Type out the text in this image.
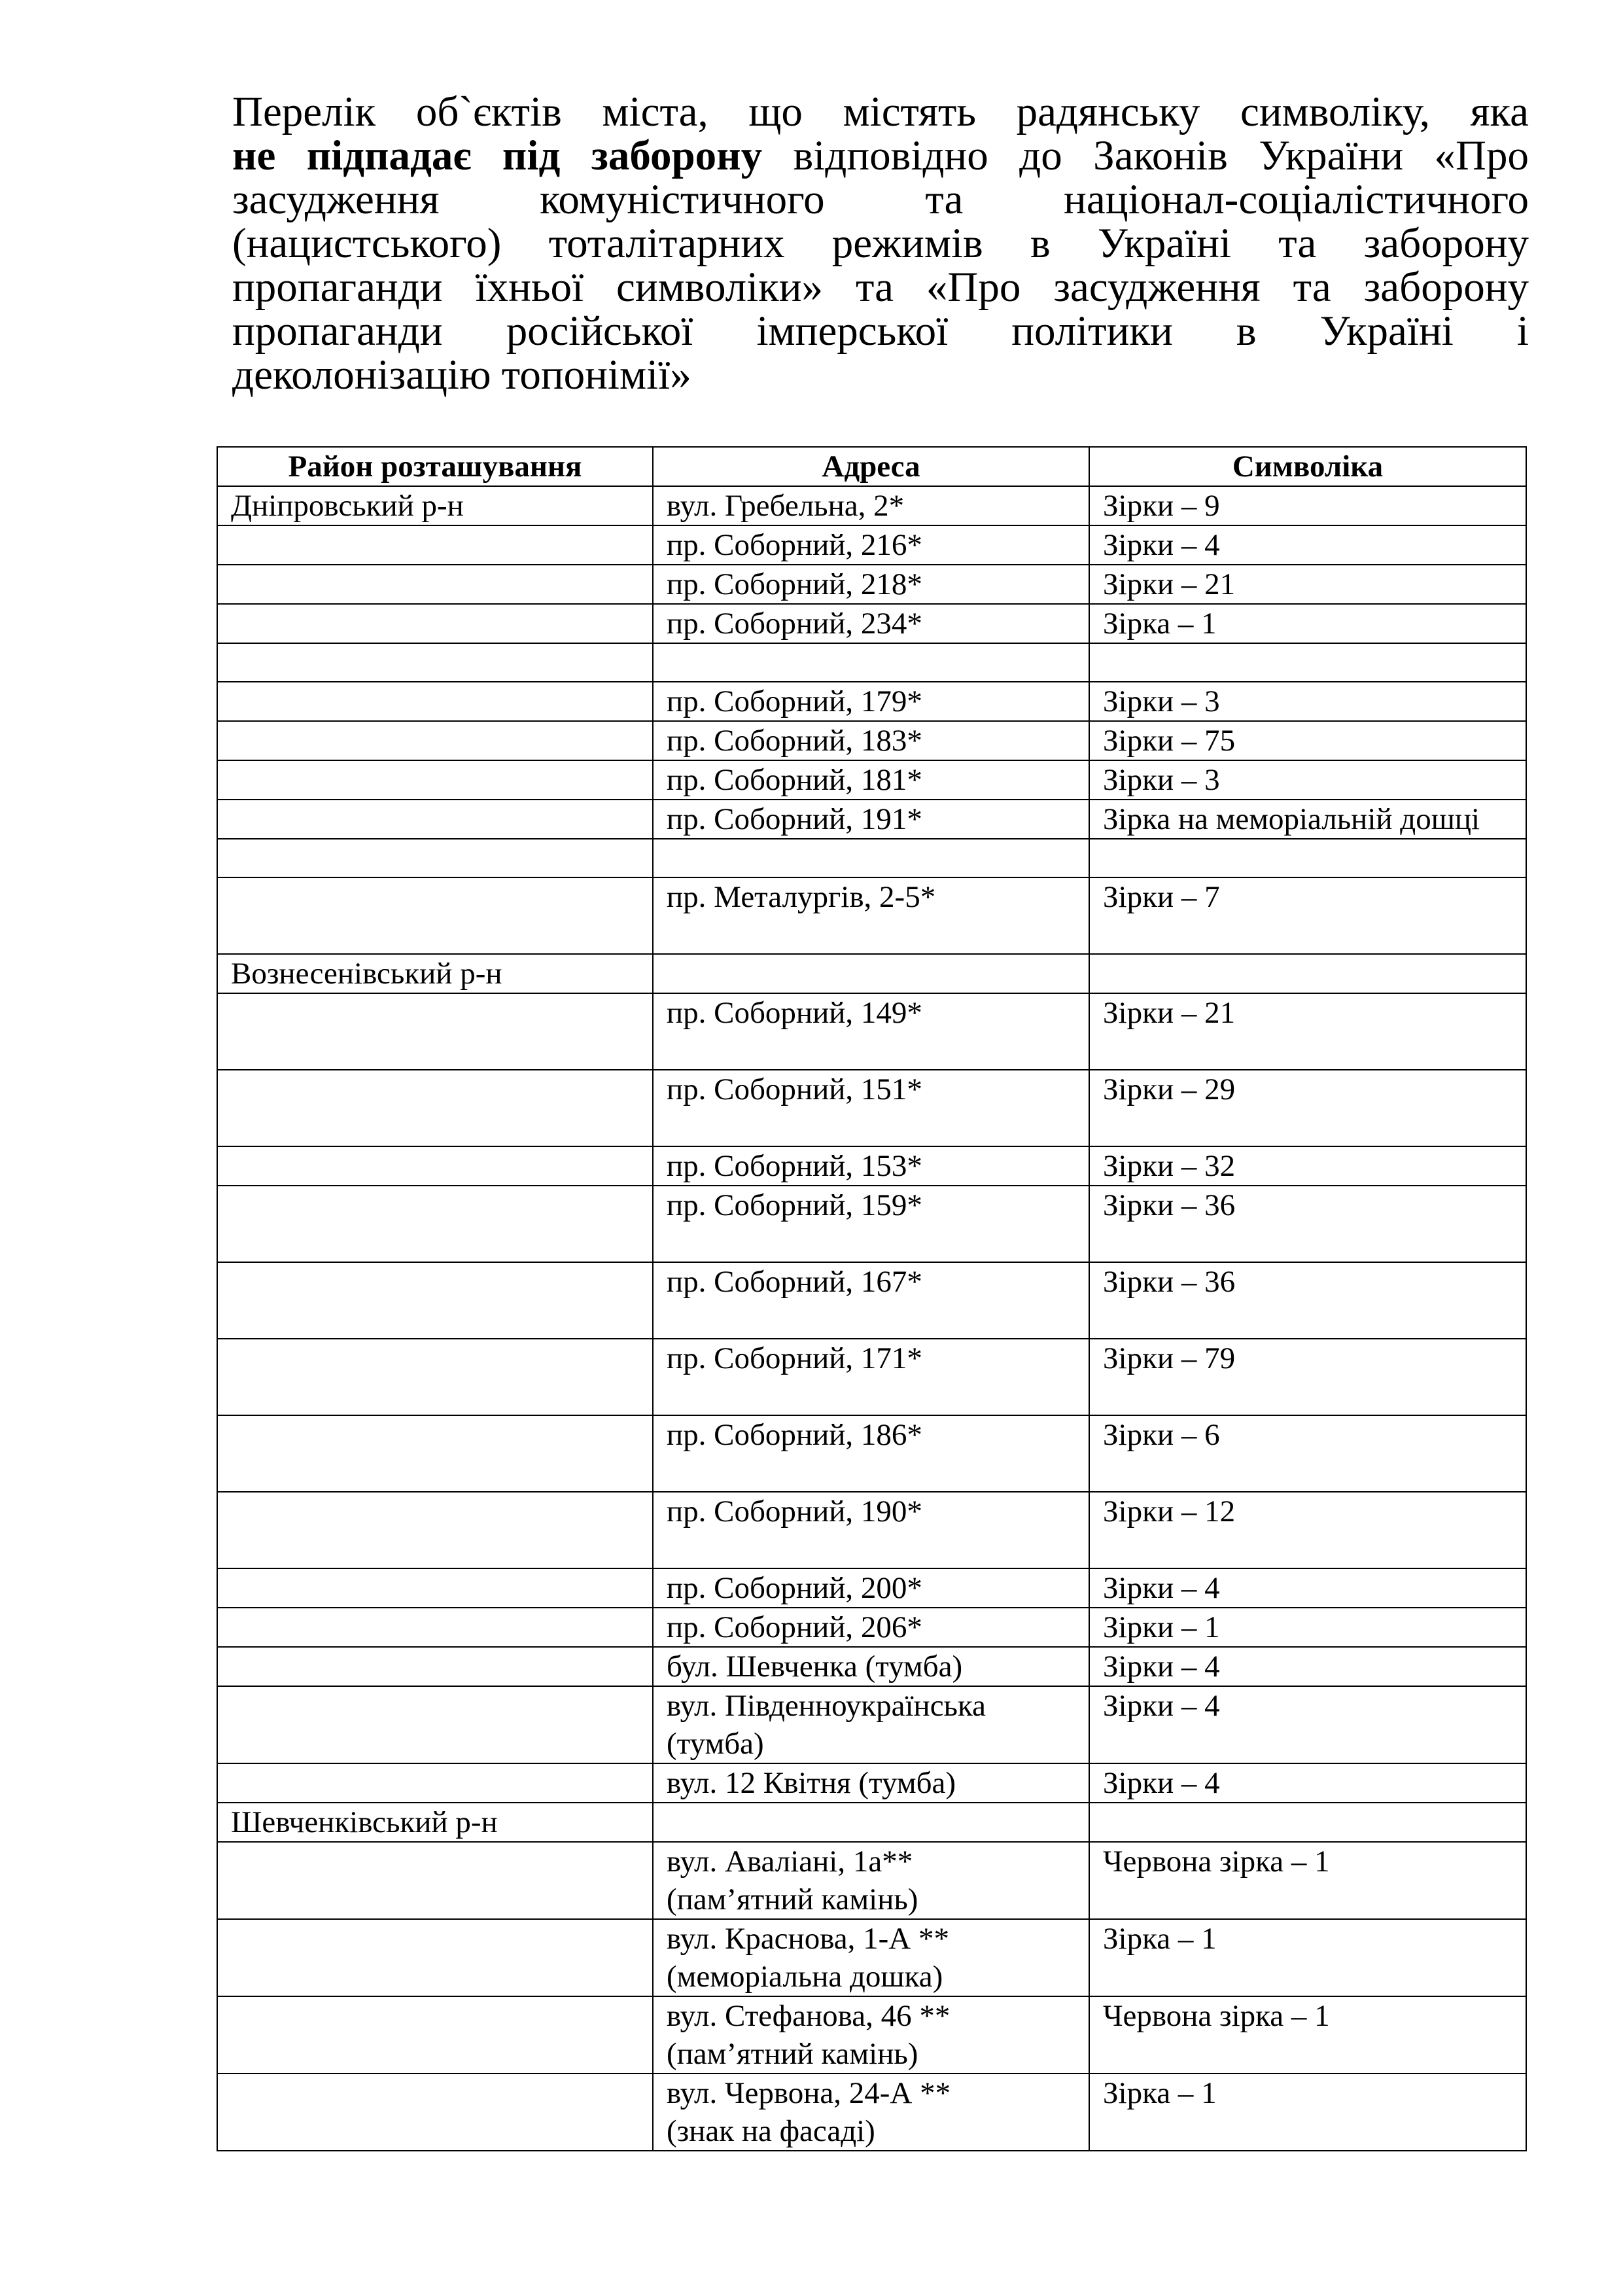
Перелік об`єктів міста, що містять радянську символіку, яка
не підпадає під заборону відповідно до Законів України «Про
засудження комуністичного та націонал-соціалістичного
(нацистського) тоталітарних режимів в Україні та заборону
пропаганди їхньої символіки» та «Про засудження та заборону
пропаганди російської імперської політики в Україні і
деколонізацію топонімії»
Район розташування	Адреса	Символіка
Дніпровський р-н	вул. Гребельна, 2*	Зірки – 9

	пр. Соборний, 216*	Зірки – 4

	пр. Соборний, 218*	Зірки – 21

	пр. Соборний, 234*	Зірка – 1

	пр. Соборний, 179*	Зірки – 3

	пр. Соборний, 183*	Зірки – 75

	пр. Соборний, 181*	Зірки – 3

	пр. Соборний, 191*	Зірка на меморіальній дошці

	пр. Металургів, 2-5*	Зірки – 7
Вознесенівський р-н	

	пр. Соборний, 149*	Зірки – 21

	пр. Соборний, 151*	Зірки – 29

	пр. Соборний, 153*	Зірки – 32

	пр. Соборний, 159*	Зірки – 36

	пр. Соборний, 167*	Зірки – 36

	пр. Соборний, 171*	Зірки – 79

	пр. Соборний, 186*	Зірки – 6

	пр. Соборний, 190*	Зірки – 12

	пр. Соборний, 200*	Зірки – 4

	пр. Соборний, 206*	Зірки – 1

	бул. Шевченка (тумба)	Зірки – 4

	вул. Південноукраїнська
(тумба)	Зірки – 4

	вул. 12 Квітня (тумба)	Зірки – 4
Шевченківський р-н	

	вул. Аваліані, 1а**
(пам’ятний камінь)	Червона зірка – 1

	вул. Краснова, 1-А **
(меморіальна дошка)	Зірка – 1

	вул. Стефанова, 46 **
(пам’ятний камінь)	Червона зірка – 1

	вул. Червона, 24-А **
(знак на фасаді)	Зірка – 1
